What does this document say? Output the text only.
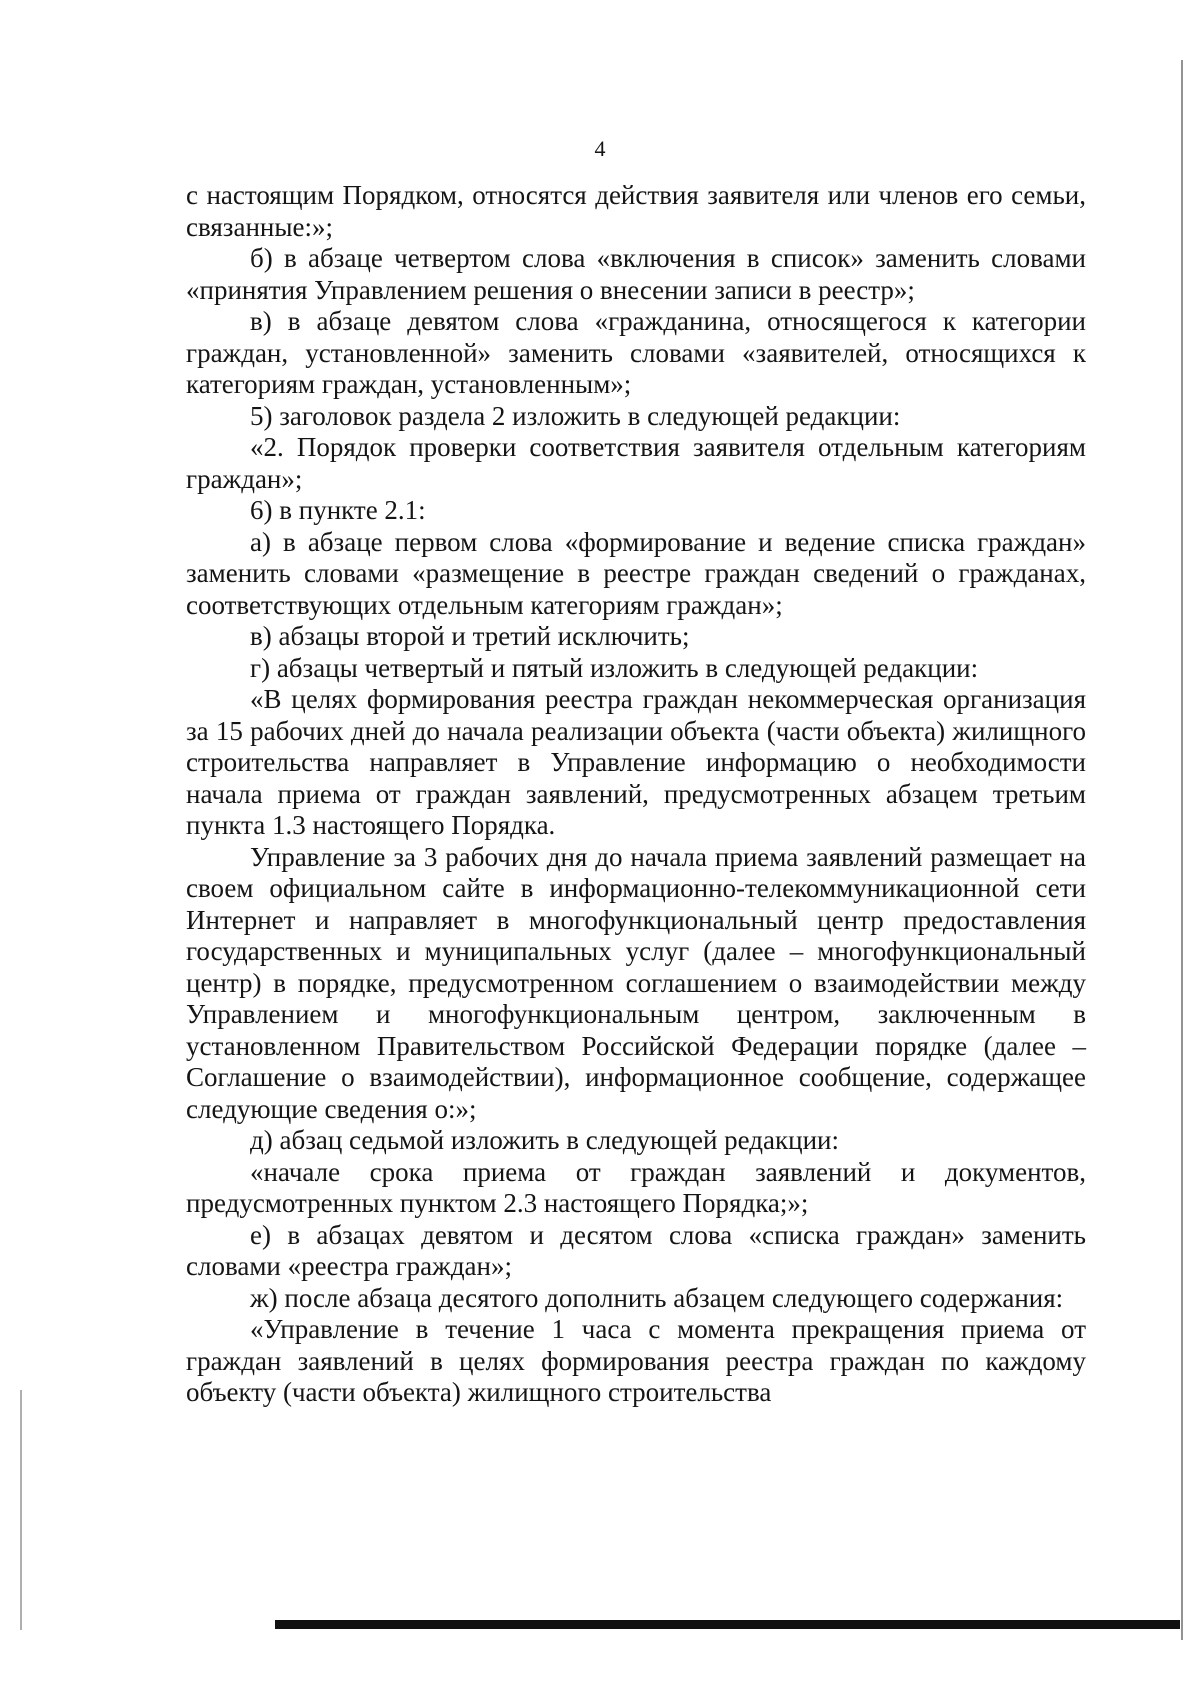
4

с настоящим Порядком, относятся действия заявителя или членов его семьи, связанные:»;

б) в абзаце четвертом слова «включения в список» заменить словами «принятия Управлением решения о внесении записи в реестр»;

в) в абзаце девятом слова «гражданина, относящегося к категории граждан, установленной» заменить словами «заявителей, относящихся к категориям граждан, установленным»;

5) заголовок раздела 2 изложить в следующей редакции:

«2. Порядок проверки соответствия заявителя отдельным категориям граждан»;

6) в пункте 2.1:

а) в абзаце первом слова «формирование и ведение списка граждан» заменить словами «размещение в реестре граждан сведений о гражданах, соответствующих отдельным категориям граждан»;

в) абзацы второй и третий исключить;

г) абзацы четвертый и пятый изложить в следующей редакции:

«В целях формирования реестра граждан некоммерческая организация за 15 рабочих дней до начала реализации объекта (части объекта) жилищного строительства направляет в Управление информацию о необходимости начала приема от граждан заявлений, предусмотренных абзацем третьим пункта 1.3 настоящего Порядка.

Управление за 3 рабочих дня до начала приема заявлений размещает на своем официальном сайте в информационно-телекоммуникационной сети Интернет и направляет в многофункциональный центр предоставления государственных и муниципальных услуг (далее – многофункциональный центр) в порядке, предусмотренном соглашением о взаимодействии между Управлением и многофункциональным центром, заключенным в установленном Правительством Российской Федерации порядке (далее – Соглашение о взаимодействии), информационное сообщение, содержащее следующие сведения о:»;

д) абзац седьмой изложить в следующей редакции:

«начале срока приема от граждан заявлений и документов, предусмотренных пунктом 2.3 настоящего Порядка;»;

е) в абзацах девятом и десятом слова «списка граждан» заменить словами «реестра граждан»;

ж) после абзаца десятого дополнить абзацем следующего содержания:

«Управление в течение 1 часа с момента прекращения приема от граждан заявлений в целях формирования реестра граждан по каждому объекту (части объекта) жилищного строительства
